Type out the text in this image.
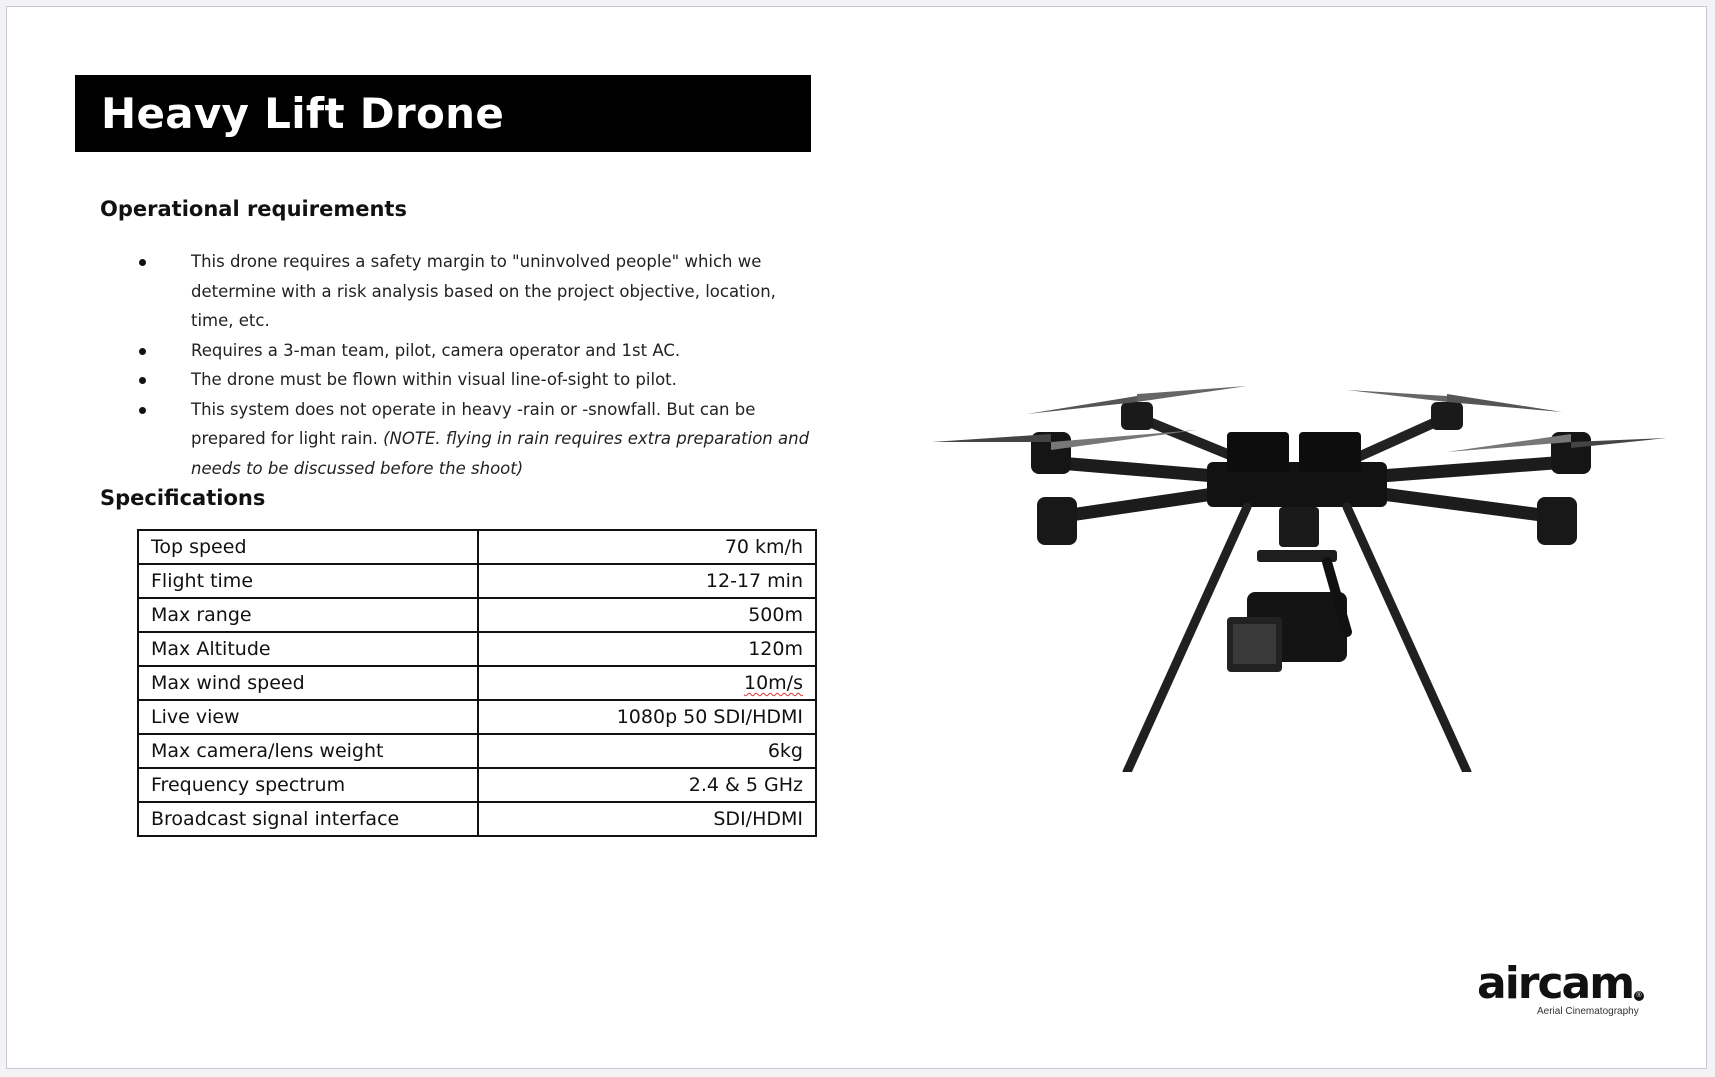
Heavy Lift Drone
Operational requirements
This drone requires a safety margin to "uninvolved people" which we determine with a risk analysis based on the project objective, location, time, etc.
Requires a 3-man team, pilot, camera operator and 1st AC.
The drone must be flown within visual line-of-sight to pilot.
This system does not operate in heavy -rain or -snowfall. But can be prepared for light rain. (NOTE. flying in rain requires extra preparation and needs to be discussed before the shoot)
Specifications
Top speed	70 km/h
Flight time	12-17 min
Max range	500m
Max Altitude	120m
Max wind speed	10m/s
Live view	1080p 50 SDI/HDMI
Max camera/lens weight	6kg
Frequency spectrum	2.4 & 5 GHz
Broadcast signal interface	SDI/HDMI
aircam ®
Aerial Cinematography
